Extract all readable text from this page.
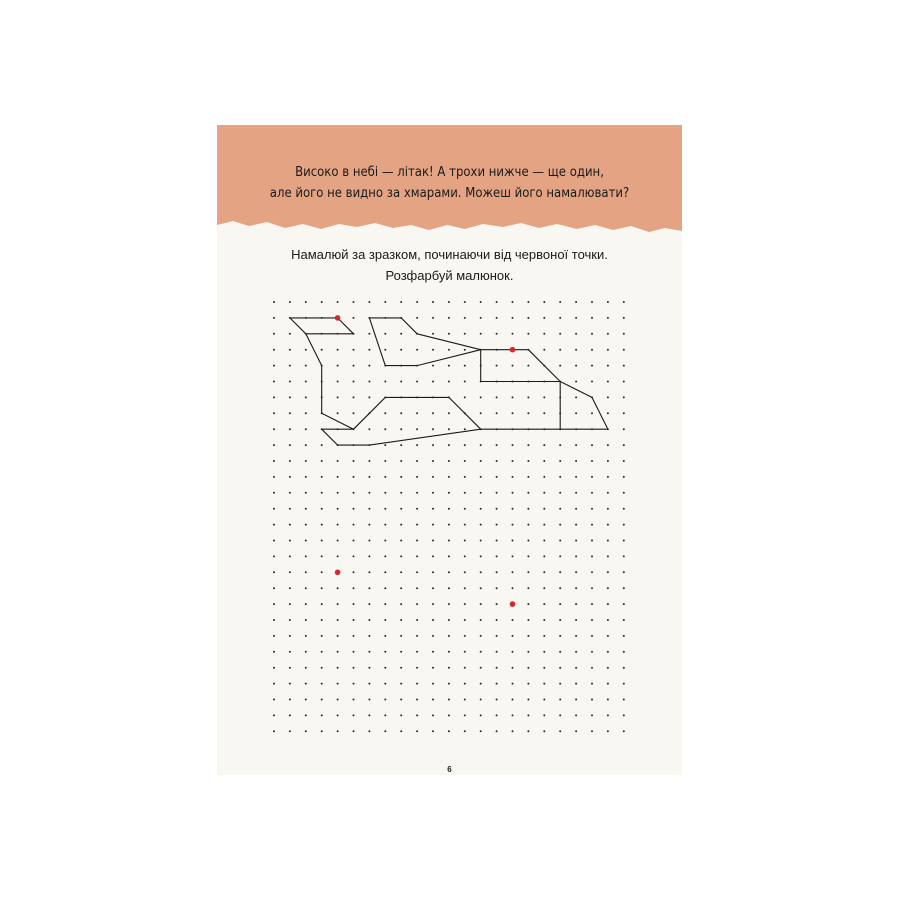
Високо в небі — літак! А трохи нижче — ще один,
але його не видно за хмарами. Можеш його намалювати?
Намалюй за зразком, починаючи від червоної точки.
Розфарбуй малюнок.
6
